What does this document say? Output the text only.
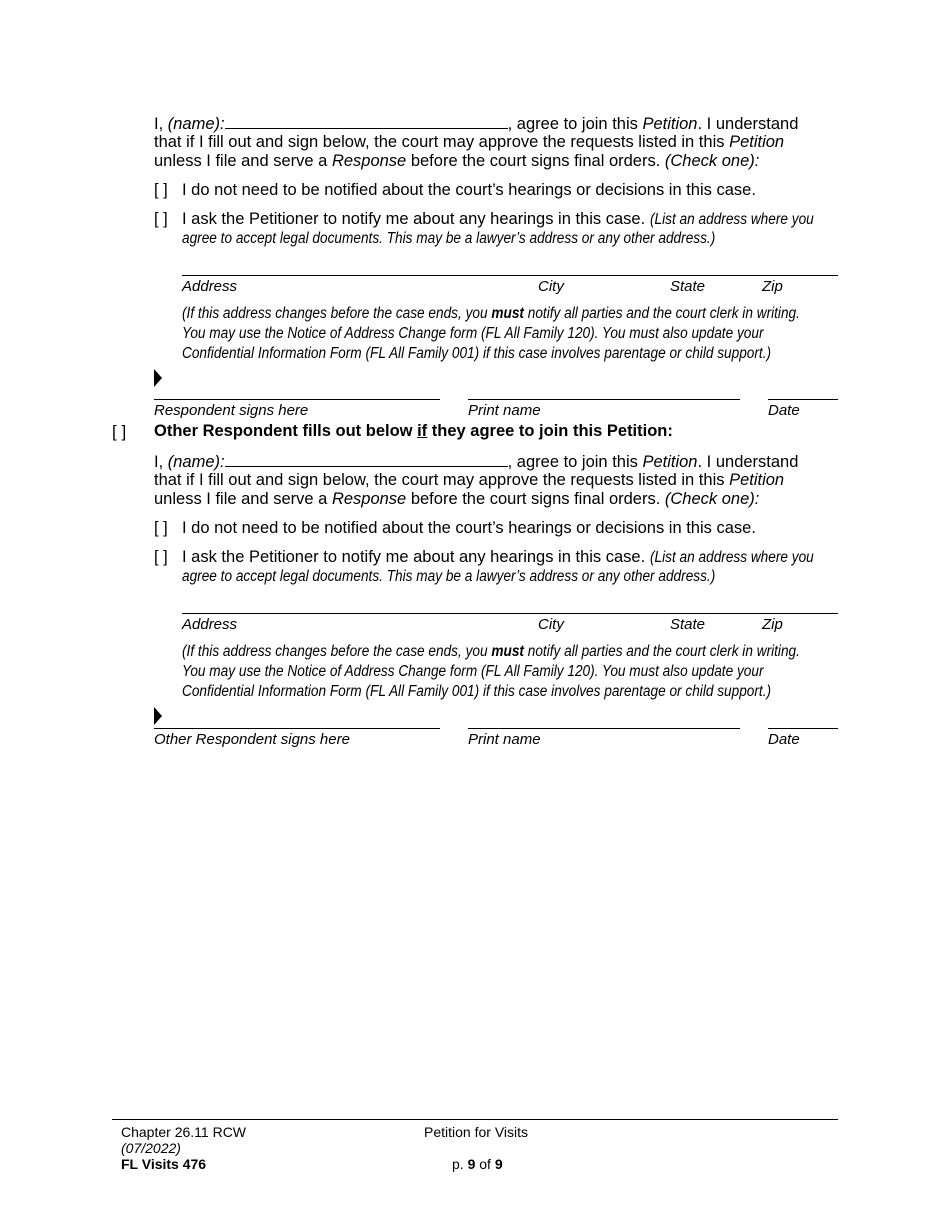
I, (name):	, agree to join this Petition. I understand
that if I fill out and sign below, the court may approve the requests listed in this Petition
unless I file and serve a Response before the court signs final orders. (Check one):
[ ] I do not need to be notified about the court’s hearings or decisions in this case.
[ ] I ask the Petitioner to notify me about any hearings in this case. (List an address where you
agree to accept legal documents. This may be a lawyer’s address or any other address.)
Address	City	State	Zip
(If this address changes before the case ends, you must notify all parties and the court clerk in writing.
You may use the Notice of Address Change form (FL All Family 120). You must also update your
Confidential Information Form (FL All Family 001) if this case involves parentage or child support.)
Respondent signs here	Print name	Date
[ ] Other Respondent fills out below if they agree to join this Petition:
I, (name):	, agree to join this Petition. I understand
that if I fill out and sign below, the court may approve the requests listed in this Petition
unless I file and serve a Response before the court signs final orders. (Check one):
[ ] I do not need to be notified about the court’s hearings or decisions in this case.
[ ] I ask the Petitioner to notify me about any hearings in this case. (List an address where you
agree to accept legal documents. This may be a lawyer’s address or any other address.)
Address	City	State	Zip
(If this address changes before the case ends, you must notify all parties and the court clerk in writing.
You may use the Notice of Address Change form (FL All Family 120). You must also update your
Confidential Information Form (FL All Family 001) if this case involves parentage or child support.)
Other Respondent signs here	Print name	Date
Chapter 26.11 RCW
(07/2022)
FL Visits 476
Petition for Visits
p. 9 of 9
